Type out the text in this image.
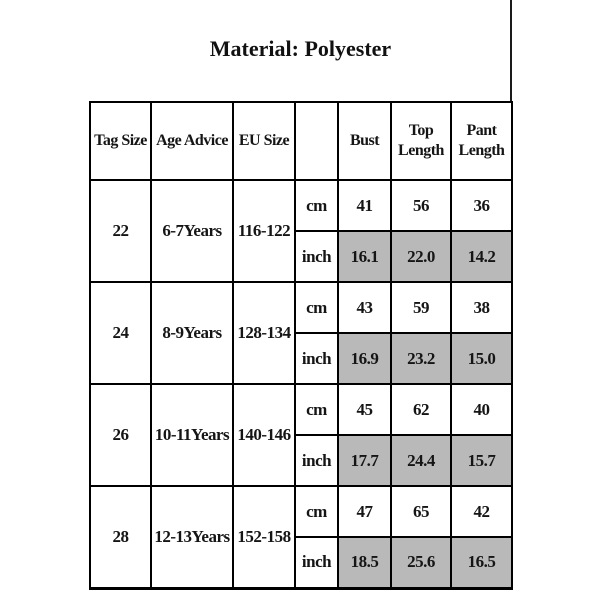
Material: Polyester
Tag Size	Age Advice	EU Size		Bust	Top Length	Pant Length
22	6-7Years	116-122	cm	41	56	36
			inch	16.1	22.0	14.2
24	8-9Years	128-134	cm	43	59	38
			inch	16.9	23.2	15.0
26	10-11Years	140-146	cm	45	62	40
			inch	17.7	24.4	15.7
28	12-13Years	152-158	cm	47	65	42
			inch	18.5	25.6	16.5
